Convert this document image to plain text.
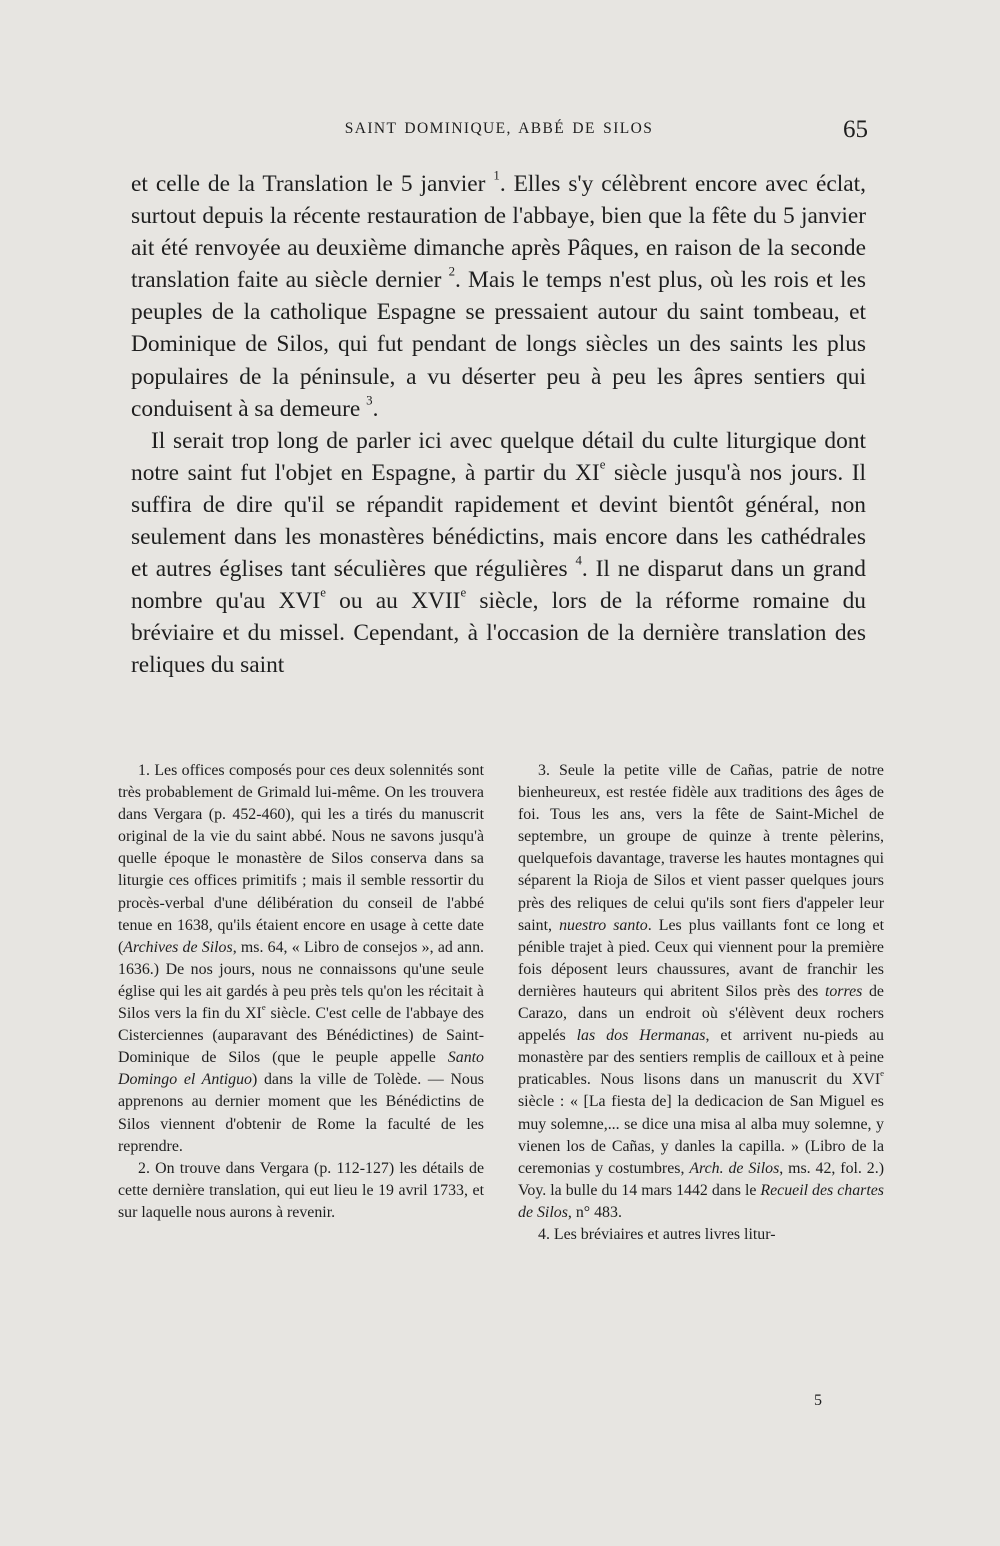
SAINT DOMINIQUE, ABBÉ DE SILOS	65

et celle de la Translation le 5 janvier $^1$. Elles s'y célèbrent encore avec éclat, surtout depuis la récente restauration de l'abbaye, bien que la fête du 5 janvier ait été renvoyée au deuxième dimanche après Pâques, en raison de la seconde translation faite au siècle dernier $^2$. Mais le temps n'est plus, où les rois et les peuples de la catholique Espagne se pressaient autour du saint tombeau, et Dominique de Silos, qui fut pendant de longs siècles un des saints les plus populaires de la péninsule, a vu déserter peu à peu les âpres sentiers qui conduisent à sa demeure $^3$.

Il serait trop long de parler ici avec quelque détail du culte liturgique dont notre saint fut l'objet en Espagne, à partir du XIe siècle jusqu'à nos jours. Il suffira de dire qu'il se répandit rapidement et devint bientôt général, non seulement dans les monastères bénédictins, mais encore dans les cathédrales et autres églises tant séculières que régulières $^4$. Il ne disparut dans un grand nombre qu'au XVIe ou au XVIIe siècle, lors de la réforme romaine du bréviaire et du missel. Cependant, à l'occasion de la dernière translation des reliques du saint

1. Les offices composés pour ces deux solennités sont très probablement de Grimald lui-même. On les trouvera dans Vergara (p. 452-460), qui les a tirés du manuscrit original de la vie du saint abbé. Nous ne savons jusqu'à quelle époque le monastère de Silos conserva dans sa liturgie ces offices primitifs ; mais il semble ressortir du procès-verbal d'une délibération du conseil de l'abbé tenue en 1638, qu'ils étaient encore en usage à cette date (Archives de Silos, ms. 64, « Libro de consejos », ad ann. 1636.) De nos jours, nous ne connaissons qu'une seule église qui les ait gardés à peu près tels qu'on les récitait à Silos vers la fin du XIe siècle. C'est celle de l'abbaye des Cisterciennes (auparavant des Bénédictines) de Saint-Dominique de Silos (que le peuple appelle Santo Domingo el Antiguo) dans la ville de Tolède. — Nous apprenons au dernier moment que les Bénédictins de Silos viennent d'obtenir de Rome la faculté de les reprendre.

2. On trouve dans Vergara (p. 112-127) les détails de cette dernière translation, qui eut lieu le 19 avril 1733, et sur laquelle nous aurons à revenir.

3. Seule la petite ville de Cañas, patrie de notre bienheureux, est restée fidèle aux traditions des âges de foi. Tous les ans, vers la fête de Saint-Michel de septembre, un groupe de quinze à trente pèlerins, quelquefois davantage, traverse les hautes montagnes qui séparent la Rioja de Silos et vient passer quelques jours près des reliques de celui qu'ils sont fiers d'appeler leur saint, nuestro santo. Les plus vaillants font ce long et pénible trajet à pied. Ceux qui viennent pour la première fois déposent leurs chaussures, avant de franchir les dernières hauteurs qui abritent Silos près des torres de Carazo, dans un endroit où s'élèvent deux rochers appelés las dos Hermanas, et arrivent nu-pieds au monastère par des sentiers remplis de cailloux et à peine praticables. Nous lisons dans un manuscrit du XVIe siècle : « [La fiesta de] la dedicacion de San Miguel es muy solemne,... se dice una misa al alba muy solemne, y vienen los de Cañas, y danles la capilla. » (Libro de la ceremonias y costumbres, Arch. de Silos, ms. 42, fol. 2.) Voy. la bulle du 14 mars 1442 dans le Recueil des chartes de Silos, n° 483.

4. Les bréviaires et autres livres litur-

5
